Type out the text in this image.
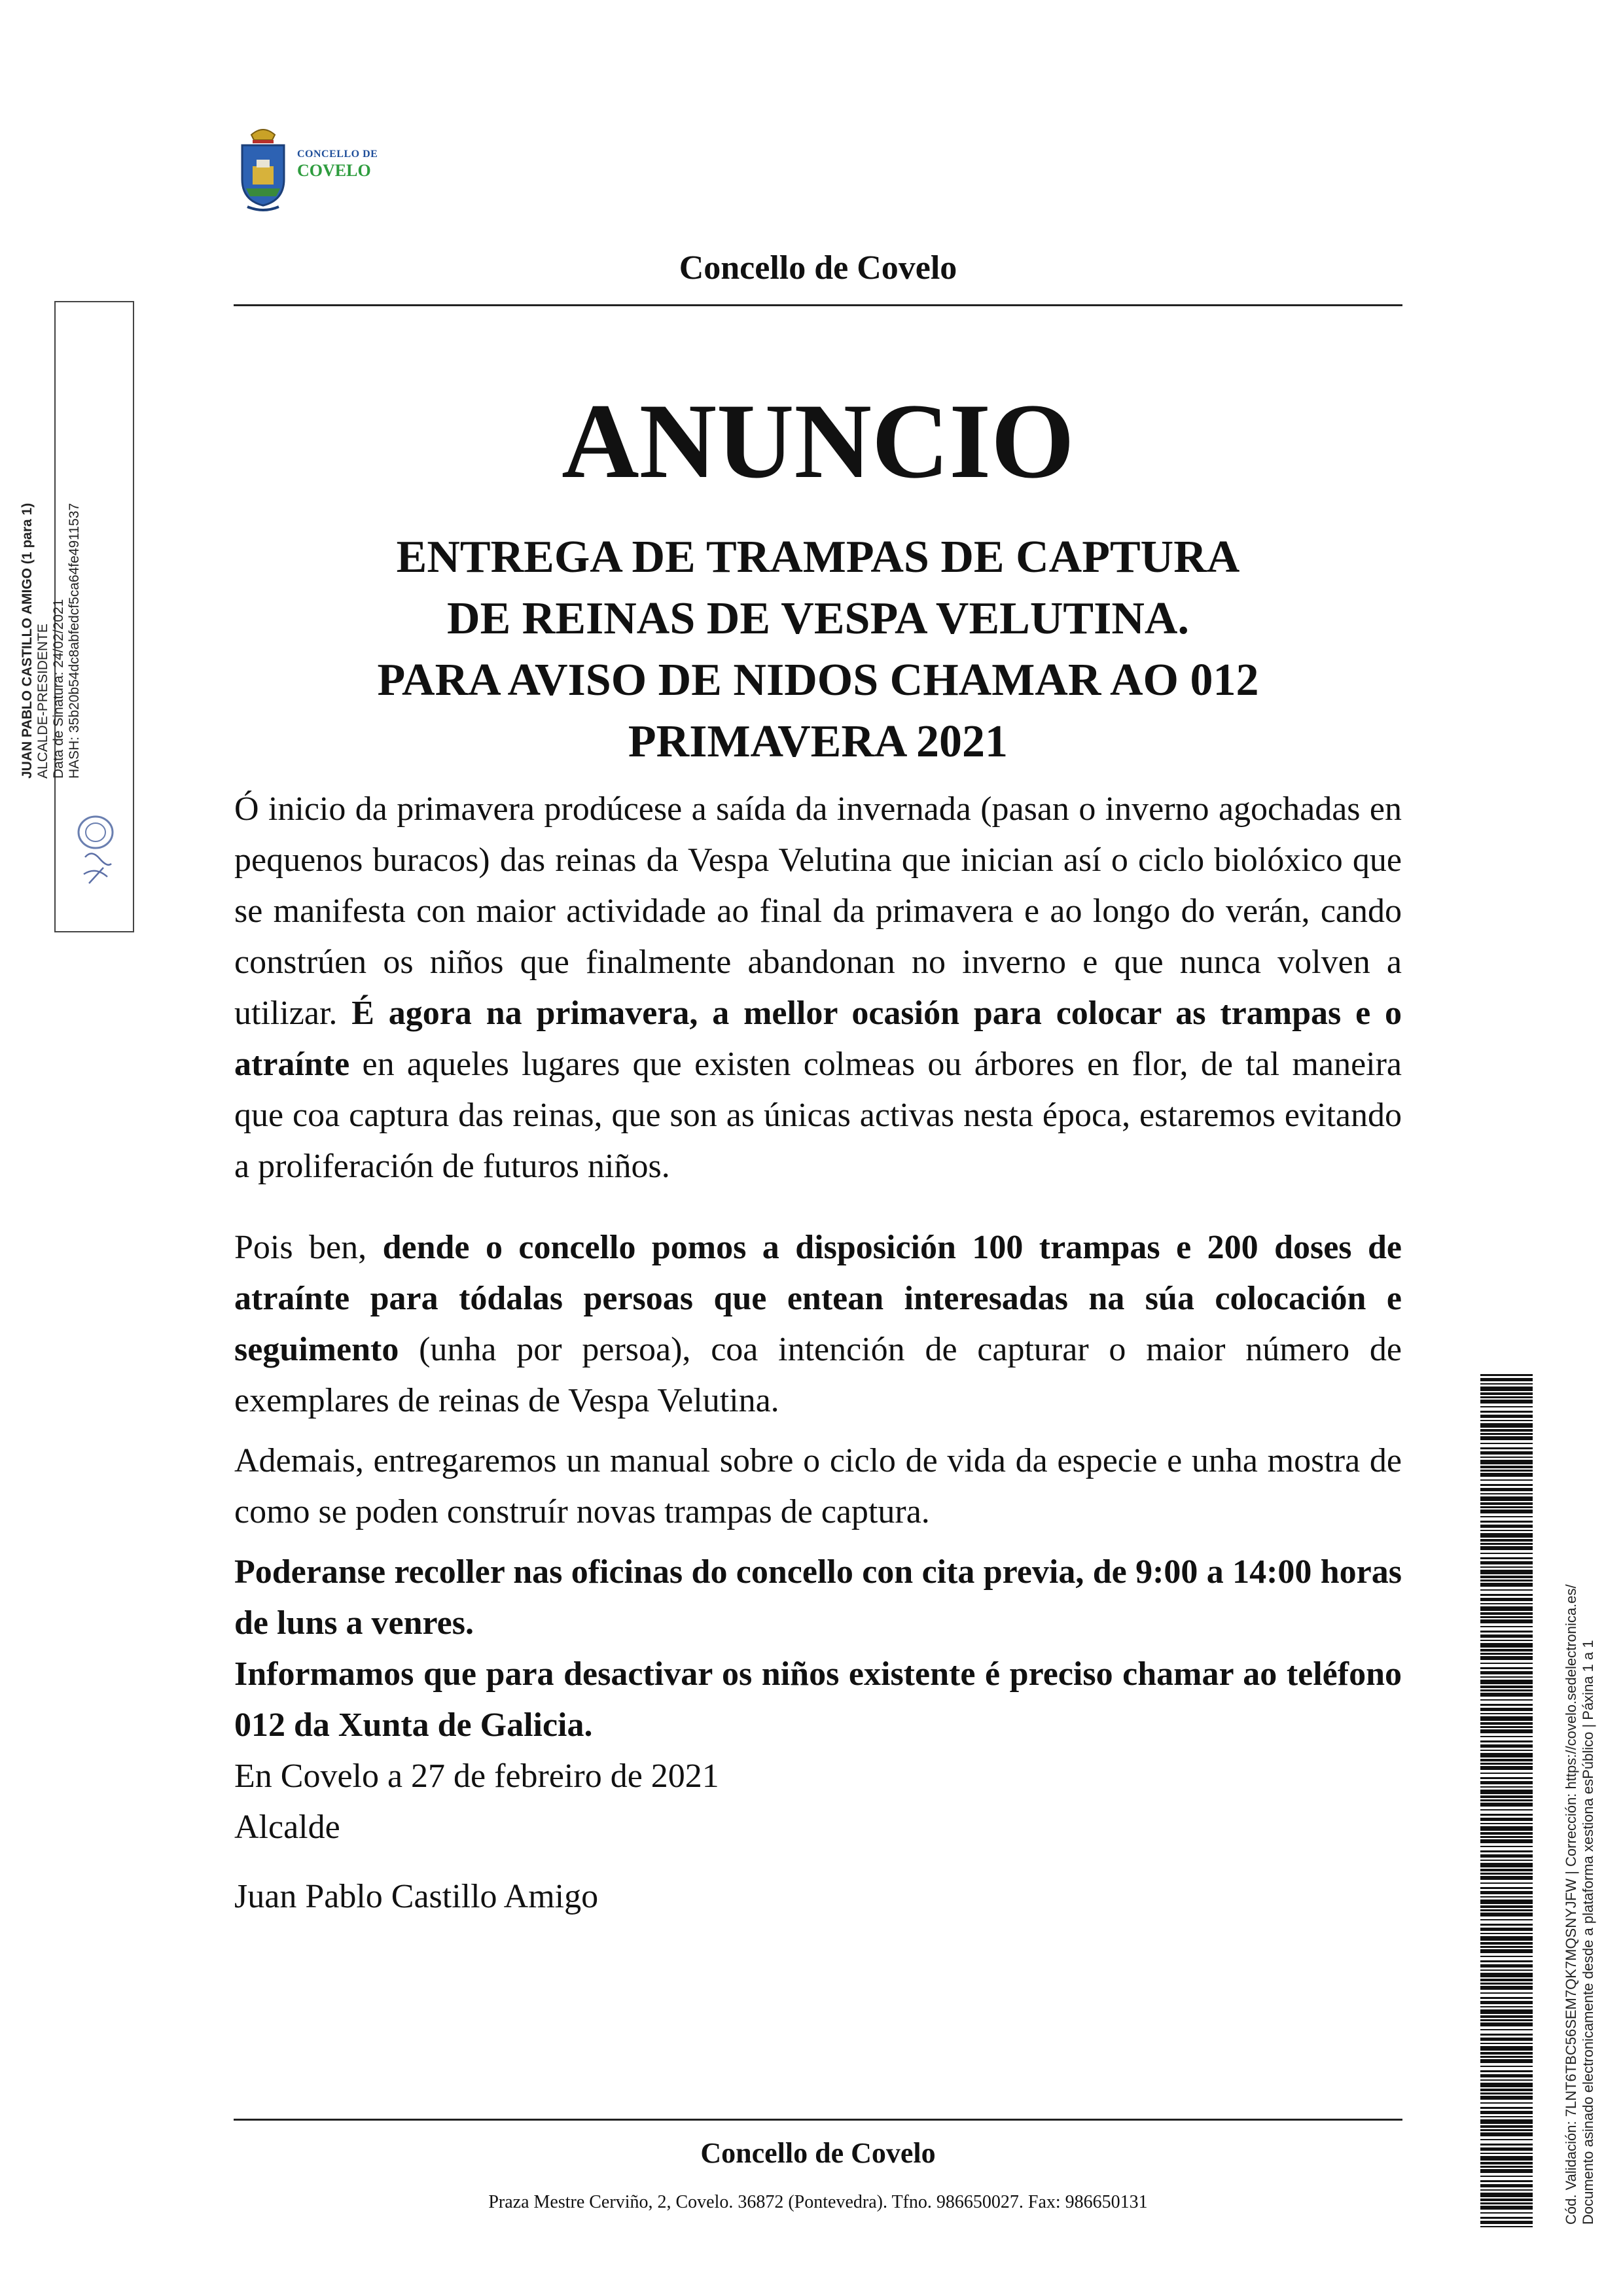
CONCELLO DE
COVELO
Concello de Covelo
ANUNCIO
ENTREGA DE TRAMPAS DE CAPTURA
DE REINAS DE VESPA VELUTINA.
PARA AVISO DE NIDOS CHAMAR AO 012
PRIMAVERA 2021

Ó inicio da primavera prodúcese a saída da invernada (pasan o inverno agochadas en pequenos buracos) das reinas da Vespa Velutina que inician así o ciclo biolóxico que se manifesta con maior actividade ao final da primavera e ao longo do verán, cando constrúen os niños que finalmente abandonan no inverno e que nunca volven a utilizar. É agora na primavera, a mellor ocasión para colocar as trampas e o atraínte en aqueles lugares que existen colmeas ou árbores en flor, de tal maneira que coa captura das reinas, que son as únicas activas nesta época, estaremos evitando a proliferación de futuros niños.

Pois ben, dende o concello pomos a disposición 100 trampas e 200 doses de atraínte para tódalas persoas que entean interesadas na súa colocación e seguimento (unha por persoa), coa intención de capturar o maior número de exemplares de reinas de Vespa Velutina.

Ademais, entregaremos un manual sobre o ciclo de vida da especie e unha mostra de como se poden construír novas trampas de captura.

Poderanse recoller nas oficinas do concello con cita previa, de 9:00 a 14:00 horas de luns a venres.

Informamos que para desactivar os niños existente é preciso chamar ao teléfono 012 da Xunta de Galicia.

En Covelo a 27 de febreiro de 2021

Alcalde

Juan Pablo Castillo Amigo

Concello de Covelo
Praza Mestre Cerviño, 2, Covelo. 36872 (Pontevedra). Tfno. 986650027. Fax: 986650131
JUAN PABLO CASTILLO AMIGO (1 para 1) ALCALDE-PRESIDENTE Data de Sinatura: 24/02/2021 HASH: 35b20b54dc8abfedcf5ca64fe4911537
Cód. Validación: 7LNT6TBC56SEM7QK7MQSNYJFW | Corrección: https://covelo.sedelectronica.es/ Documento asinado electronicamente desde a plataforma xestiona esPúblico | Páxina 1 a 1
